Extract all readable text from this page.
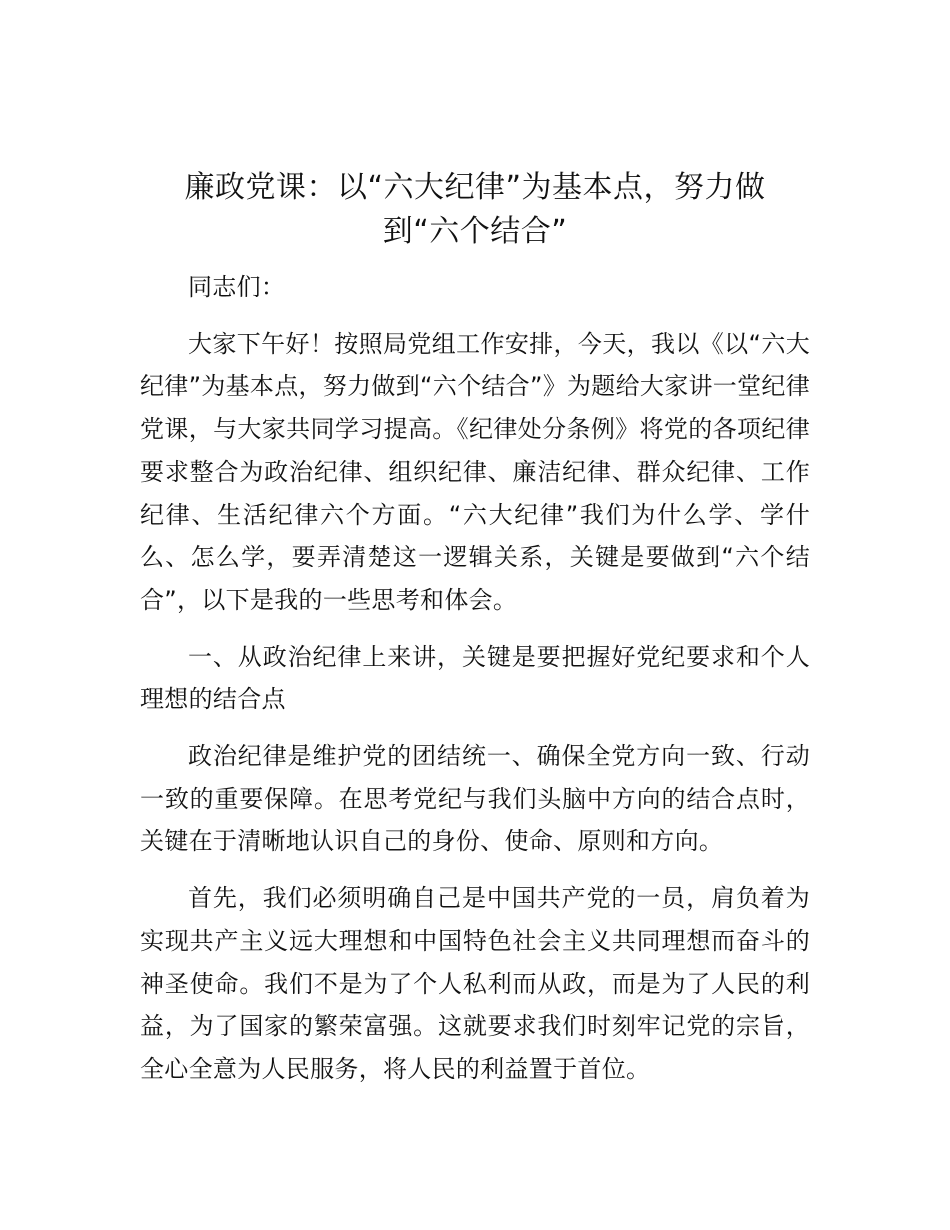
廉政党课：以“六大纪律”为基本点，努力做
到“六个结合”

同志们：

大家下午好！按照局党组工作安排，今天，我以《以“六大纪律”为基本点，努力做到“六个结合”》为题给大家讲一堂纪律党课，与大家共同学习提高。《纪律处分条例》将党的各项纪律要求整合为政治纪律、组织纪律、廉洁纪律、群众纪律、工作纪律、生活纪律六个方面。“六大纪律”我们为什么学、学什么、怎么学，要弄清楚这一逻辑关系，关键是要做到“六个结合”，以下是我的一些思考和体会。

一、从政治纪律上来讲，关键是要把握好党纪要求和个人理想的结合点

政治纪律是维护党的团结统一、确保全党方向一致、行动一致的重要保障。在思考党纪与我们头脑中方向的结合点时，关键在于清晰地认识自己的身份、使命、原则和方向。

首先，我们必须明确自己是中国共产党的一员，肩负着为实现共产主义远大理想和中国特色社会主义共同理想而奋斗的神圣使命。我们不是为了个人私利而从政，而是为了人民的利益，为了国家的繁荣富强。这就要求我们时刻牢记党的宗旨，全心全意为人民服务，将人民的利益置于首位。
